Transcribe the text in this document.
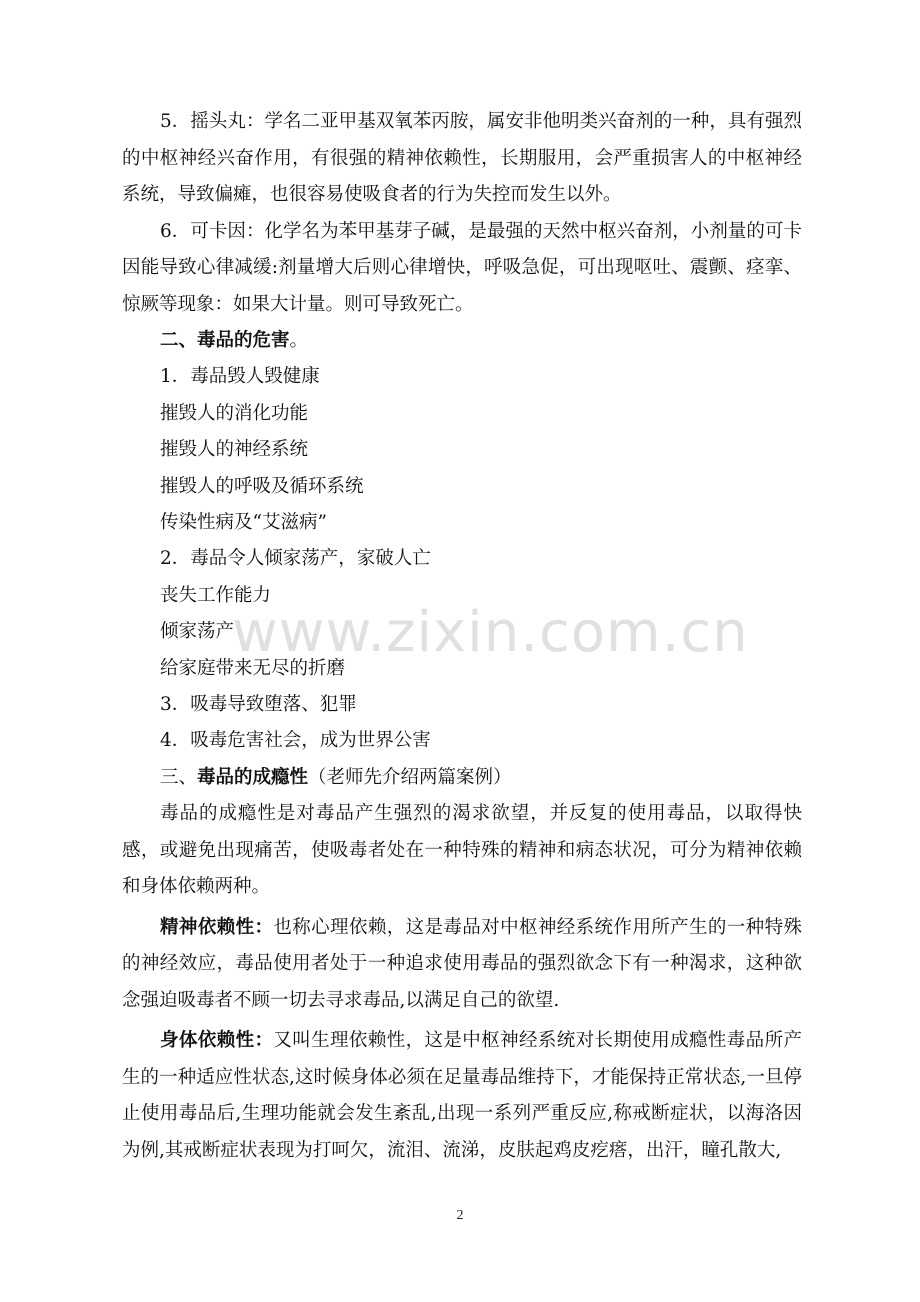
5．摇头丸：学名二亚甲基双氧苯丙胺，属安非他明类兴奋剂的一种，具有强烈的中枢神经兴奋作用，有很强的精神依赖性，长期服用，会严重损害人的中枢神经系统，导致偏瘫，也很容易使吸食者的行为失控而发生以外。

6．可卡因：化学名为苯甲基芽子碱，是最强的天然中枢兴奋剂，小剂量的可卡因能导致心律减缓:剂量增大后则心律增快，呼吸急促，可出现呕吐、震颤、痉挛、惊厥等现象：如果大计量。则可导致死亡。

二、毒品的危害。

1．毒品毁人毁健康

摧毁人的消化功能

摧毁人的神经系统

摧毁人的呼吸及循环系统

传染性病及“艾滋病”

2．毒品令人倾家荡产，家破人亡

丧失工作能力

倾家荡产

给家庭带来无尽的折磨

3．吸毒导致堕落、犯罪

4．吸毒危害社会，成为世界公害

三、毒品的成瘾性（老师先介绍两篇案例）

毒品的成瘾性是对毒品产生强烈的渴求欲望，并反复的使用毒品，以取得快感，或避免出现痛苦，使吸毒者处在一种特殊的精神和病态状况，可分为精神依赖和身体依赖两种。

精神依赖性：也称心理依赖，这是毒品对中枢神经系统作用所产生的一种特殊的神经效应，毒品使用者处于一种追求使用毒品的强烈欲念下有一种渴求，这种欲念强迫吸毒者不顾一切去寻求毒品,以满足自己的欲望.

身体依赖性：又叫生理依赖性，这是中枢神经系统对长期使用成瘾性毒品所产生的一种适应性状态,这时候身体必须在足量毒品维持下，才能保持正常状态,一旦停止使用毒品后,生理功能就会发生紊乱,出现一系列严重反应,称戒断症状，以海洛因为例,其戒断症状表现为打呵欠，流泪、流涕，皮肤起鸡皮疙瘩，出汗，瞳孔散大,

www.zixin.com.cn
2
